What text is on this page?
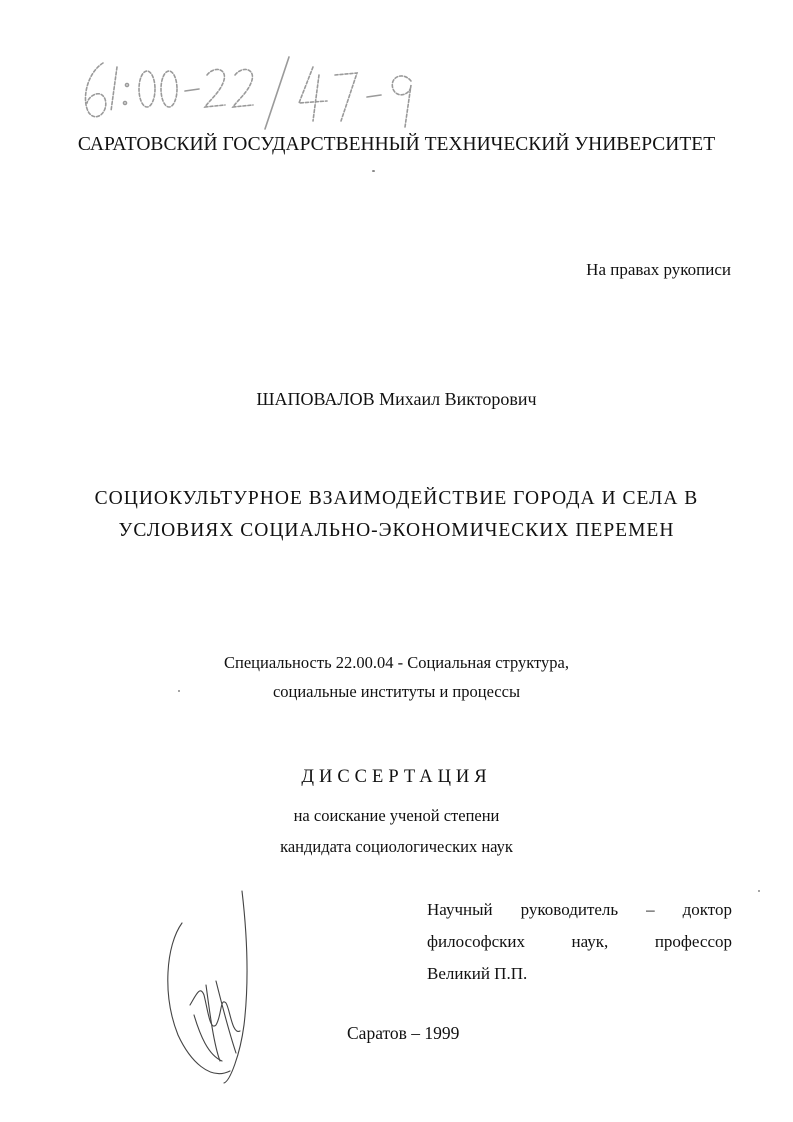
САРАТОВСКИЙ ГОСУДАРСТВЕННЫЙ ТЕХНИЧЕСКИЙ УНИВЕРСИТЕТ
На правах рукописи
ШАПОВАЛОВ Михаил Викторович
СОЦИОКУЛЬТУРНОЕ ВЗАИМОДЕЙСТВИЕ ГОРОДА И СЕЛА В
УСЛОВИЯХ СОЦИАЛЬНО-ЭКОНОМИЧЕСКИХ ПЕРЕМЕН
Специальность 22.00.04 - Социальная структура,
социальные институты и процессы
ДИССЕРТАЦИЯ
на соискание ученой степени
кандидата социологических наук
Научный руководитель – доктор
философских	наук,	профессор
Великий П.П.
Саратов – 1999
